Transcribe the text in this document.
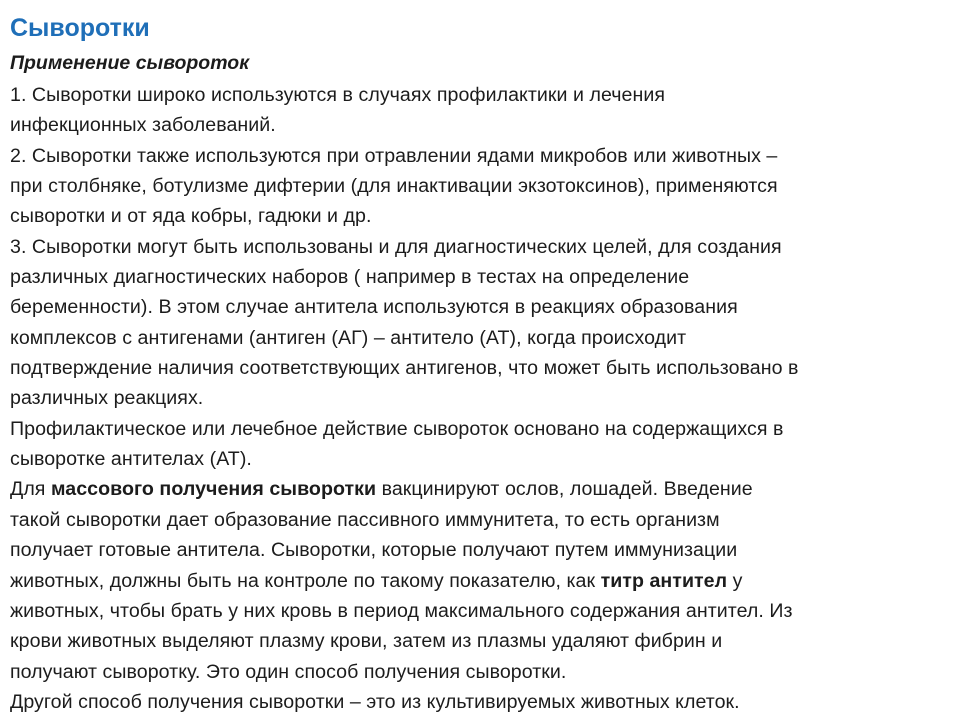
Сыворотки
Применение сывороток
1. Сыворотки широко используются в случаях профилактики и лечения
инфекционных заболеваний.
2. Сыворотки также используются при отравлении ядами микробов или животных –
при столбняке, ботулизме дифтерии (для инактивации экзотоксинов), применяются
сыворотки и от яда кобры, гадюки и др.
3. Сыворотки могут быть использованы и для диагностических целей, для создания
различных диагностических наборов ( например в тестах на определение
беременности). В этом случае антитела используются в реакциях образования
комплексов с антигенами (антиген (АГ) – антитело (АТ), когда происходит
подтверждение наличия соответствующих антигенов, что может быть использовано в
различных реакциях.
Профилактическое или лечебное действие сывороток основано на содержащихся в
сыворотке антителах (АТ).
Для массового получения сыворотки вакцинируют ослов, лошадей. Введение
такой сыворотки дает образование пассивного иммунитета, то есть организм
получает готовые антитела. Сыворотки, которые получают путем иммунизации
животных, должны быть на контроле по такому показателю, как титр антител у
животных, чтобы брать у них кровь в период максимального содержания антител. Из
крови животных выделяют плазму крови, затем из плазмы удаляют фибрин и
получают сыворотку. Это один способ получения сыворотки.
Другой способ получения сыворотки – это из культивируемых животных клеток.
